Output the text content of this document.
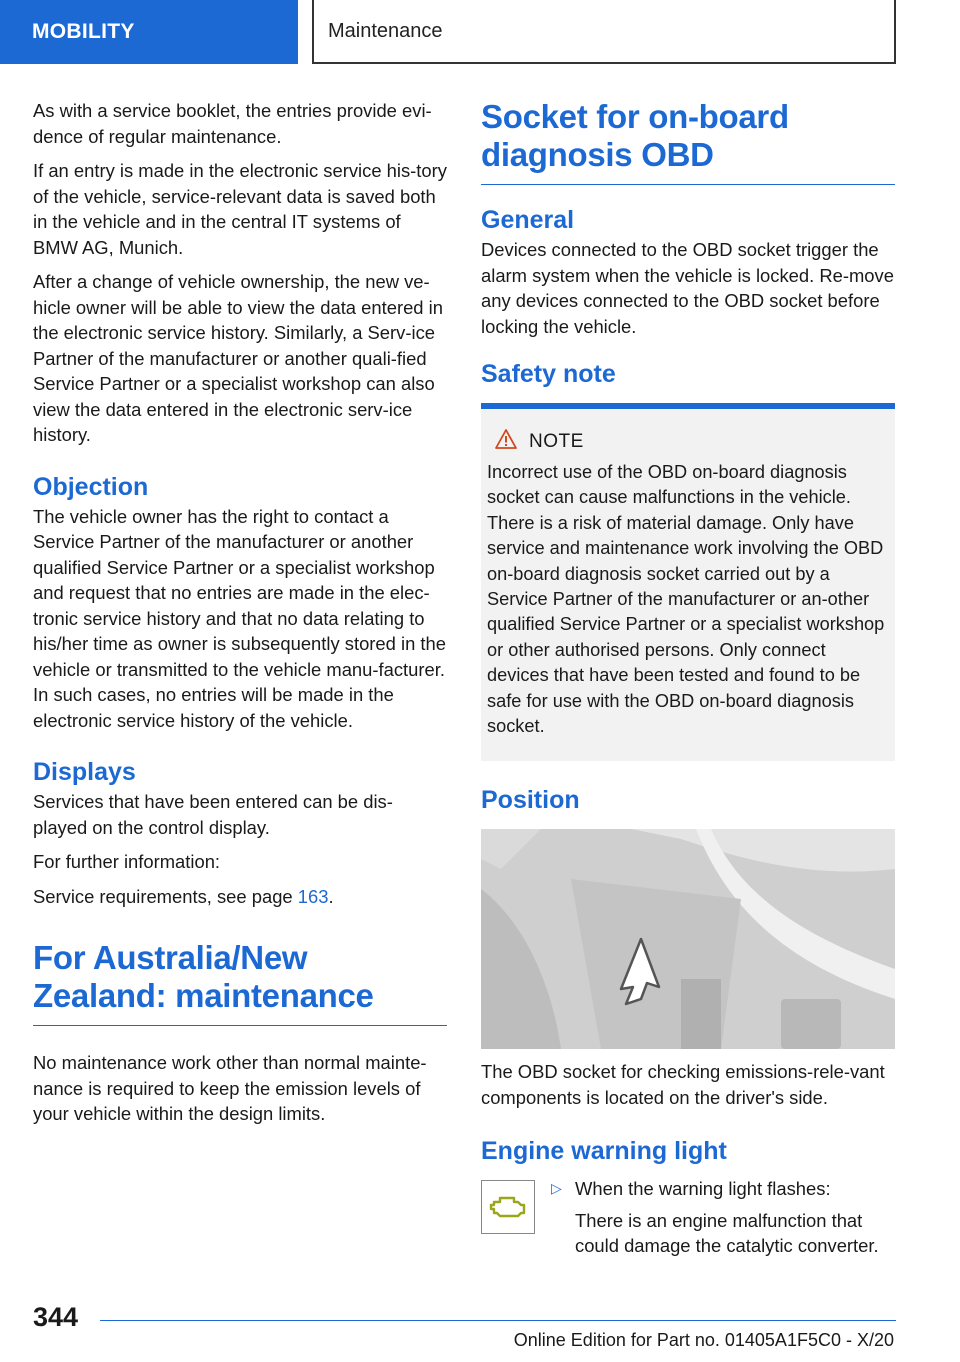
MOBILITY	Maintenance

As with a service booklet, the entries provide evi-dence of regular maintenance.

If an entry is made in the electronic service his-tory of the vehicle, service-relevant data is saved both in the vehicle and in the central IT systems of BMW AG, Munich.

After a change of vehicle ownership, the new ve-hicle owner will be able to view the data entered in the electronic service history. Similarly, a Serv-ice Partner of the manufacturer or another quali-fied Service Partner or a specialist workshop can also view the data entered in the electronic serv-ice history.

Objection

The vehicle owner has the right to contact a Service Partner of the manufacturer or another qualified Service Partner or a specialist workshop and request that no entries are made in the elec-tronic service history and that no data relating to his/her time as owner is subsequently stored in the vehicle or transmitted to the vehicle manu-facturer. In such cases, no entries will be made in the electronic service history of the vehicle.

Displays

Services that have been entered can be dis-played on the control display.

For further information:

Service requirements, see page 163.

For Australia/New Zealand: maintenance

No maintenance work other than normal mainte-nance is required to keep the emission levels of your vehicle within the design limits.

Socket for on-board diagnosis OBD
General

Devices connected to the OBD socket trigger the alarm system when the vehicle is locked. Re-move any devices connected to the OBD socket before locking the vehicle.

Safety note
NOTE

Incorrect use of the OBD on-board diagnosis socket can cause malfunctions in the vehicle. There is a risk of material damage. Only have service and maintenance work involving the OBD on-board diagnosis socket carried out by a Service Partner of the manufacturer or an-other qualified Service Partner or a specialist workshop or other authorised persons. Only connect devices that have been tested and found to be safe for use with the OBD on-board diagnosis socket.

Position

The OBD socket for checking emissions-rele-vant components is located on the driver's side.

Engine warning light
▷ When the warning light flashes:

There is an engine malfunction that could damage the catalytic converter.

344
Online Edition for Part no. 01405A1F5C0 - X/20
